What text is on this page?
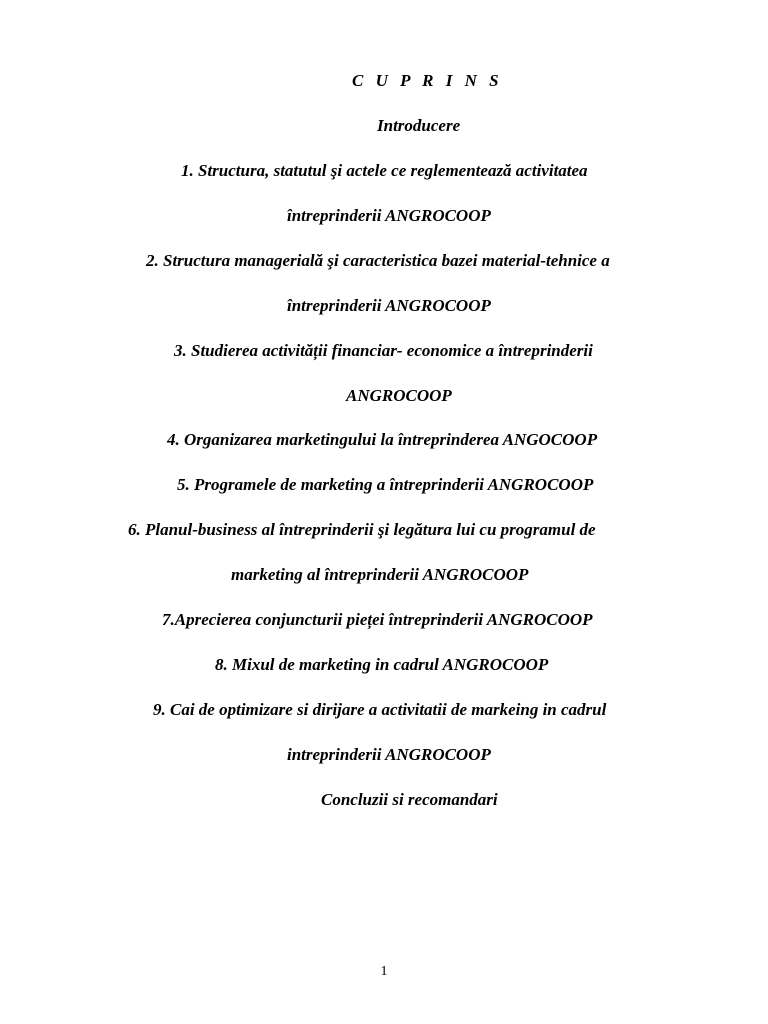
C U P R I N S
Introducere
1. Structura, statutul şi actele ce reglementează activitatea
întreprinderii ANGROCOOP
2. Structura managerială şi caracteristica bazei material-tehnice a
întreprinderii ANGROCOOP
3. Studierea activității financiar- economice a întreprinderii
ANGROCOOP
4. Organizarea marketingului la întreprinderea ANGOCOOP
5. Programele de marketing a întreprinderii ANGROCOOP
6. Planul-business al întreprinderii şi legătura lui cu programul de
marketing al întreprinderii ANGROCOOP
7.Aprecierea conjuncturii pieței întreprinderii ANGROCOOP
8. Mixul de marketing in cadrul ANGROCOOP
9. Cai de optimizare si dirijare a activitatii de markeing in cadrul
intreprinderii ANGROCOOP
Concluzii si recomandari
1
